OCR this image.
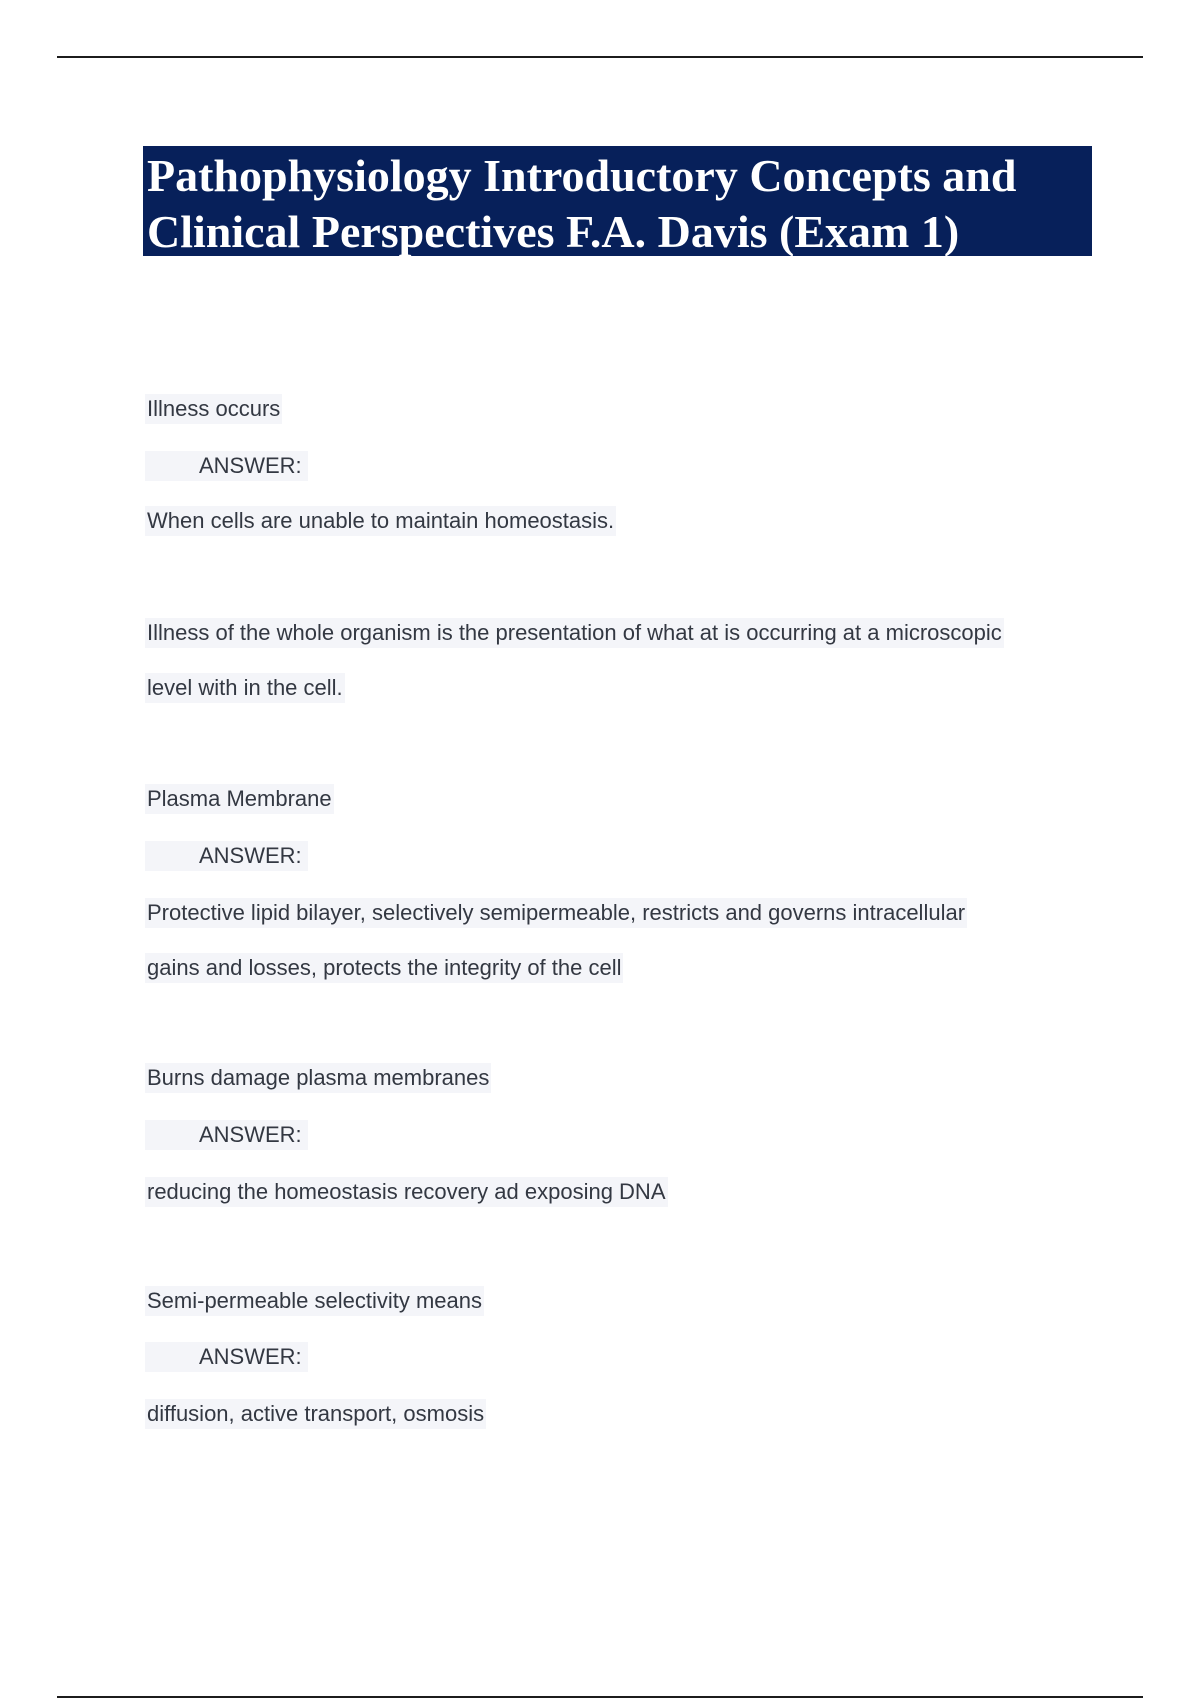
Pathophysiology Introductory Concepts and Clinical Perspectives F.A. Davis (Exam 1)

Illness occurs
ANSWER:
When cells are unable to maintain homeostasis.
Illness of the whole organism is the presentation of what at is occurring at a microscopic
level with in the cell.
Plasma Membrane
ANSWER:
Protective lipid bilayer, selectively semipermeable, restricts and governs intracellular
gains and losses, protects the integrity of the cell
Burns damage plasma membranes
ANSWER:
reducing the homeostasis recovery ad exposing DNA
Semi-permeable selectivity means
ANSWER:
diffusion, active transport, osmosis
